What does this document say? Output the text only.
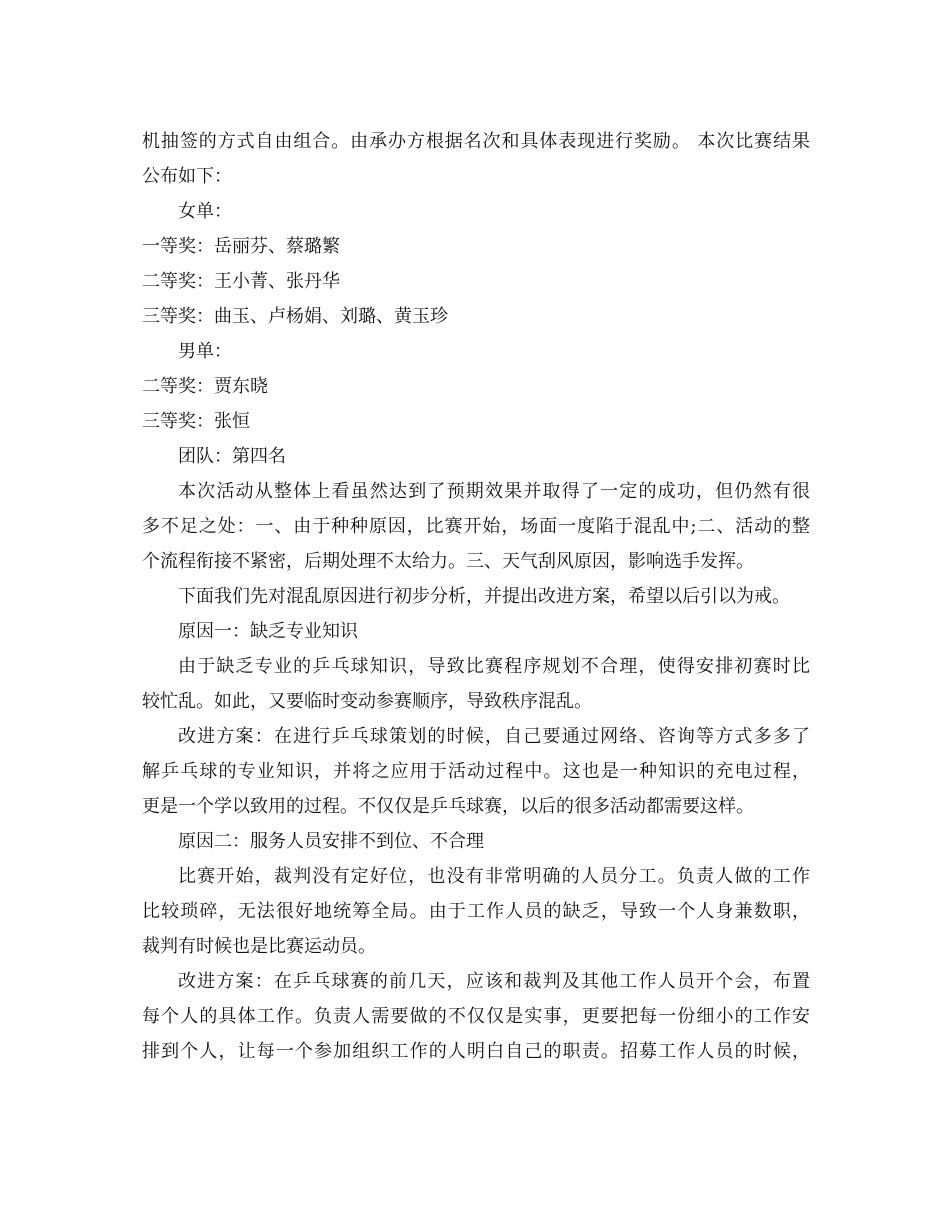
机抽签的方式自由组合。由承办方根据名次和具体表现进行奖励。 本次比赛结果
公布如下：
女单：
一等奖：岳丽芬、蔡璐繁
二等奖：王小菁、张丹华
三等奖：曲玉、卢杨娟、刘璐、黄玉珍
男单：
二等奖：贾东晓
三等奖：张恒
团队：第四名
本次活动从整体上看虽然达到了预期效果并取得了一定的成功，但仍然有很
多不足之处：一、由于种种原因，比赛开始，场面一度陷于混乱中;二、活动的整
个流程衔接不紧密，后期处理不太给力。三、天气刮风原因，影响选手发挥。
下面我们先对混乱原因进行初步分析，并提出改进方案，希望以后引以为戒。
原因一：缺乏专业知识
由于缺乏专业的乒乓球知识，导致比赛程序规划不合理，使得安排初赛时比
较忙乱。如此，又要临时变动参赛顺序，导致秩序混乱。
改进方案：在进行乒乓球策划的时候，自己要通过网络、咨询等方式多多了
解乒乓球的专业知识，并将之应用于活动过程中。这也是一种知识的充电过程，
更是一个学以致用的过程。不仅仅是乒乓球赛，以后的很多活动都需要这样。
原因二：服务人员安排不到位、不合理
比赛开始，裁判没有定好位，也没有非常明确的人员分工。负责人做的工作
比较琐碎，无法很好地统筹全局。由于工作人员的缺乏，导致一个人身兼数职，
裁判有时候也是比赛运动员。
改进方案：在乒乓球赛的前几天，应该和裁判及其他工作人员开个会，布置
每个人的具体工作。负责人需要做的不仅仅是实事，更要把每一份细小的工作安
排到个人，让每一个参加组织工作的人明白自己的职责。招募工作人员的时候，
